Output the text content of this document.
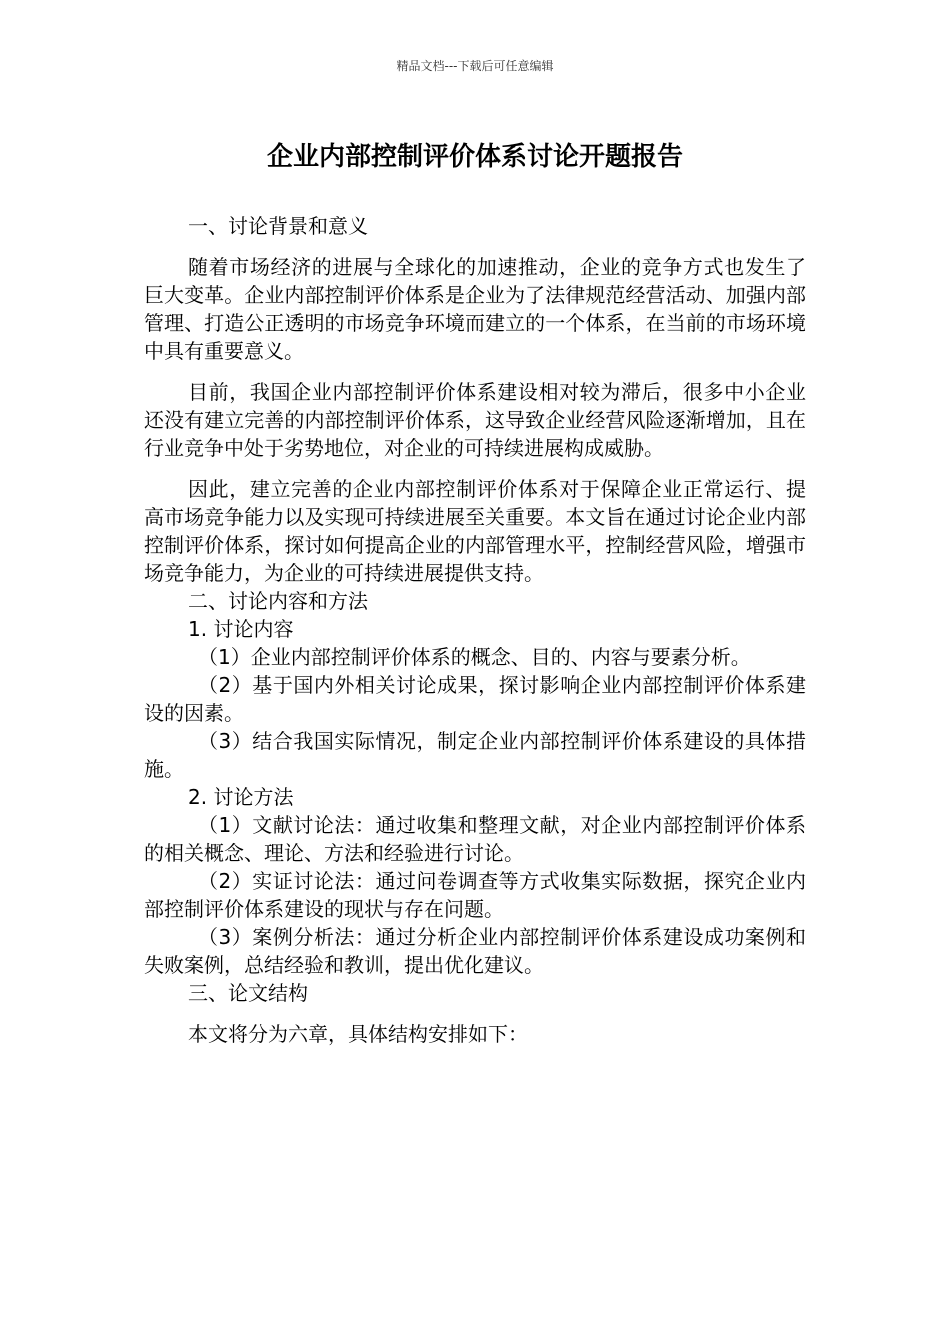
精品文档---下载后可任意编辑
企业内部控制评价体系讨论开题报告

一、讨论背景和意义

随着市场经济的进展与全球化的加速推动，企业的竞争方式也发生了巨大变革。企业内部控制评价体系是企业为了法律规范经营活动、加强内部管理、打造公正透明的市场竞争环境而建立的一个体系，在当前的市场环境中具有重要意义。

目前，我国企业内部控制评价体系建设相对较为滞后，很多中小企业还没有建立完善的内部控制评价体系，这导致企业经营风险逐渐增加，且在行业竞争中处于劣势地位，对企业的可持续进展构成威胁。

因此，建立完善的企业内部控制评价体系对于保障企业正常运行、提高市场竞争能力以及实现可持续进展至关重要。本文旨在通过讨论企业内部控制评价体系，探讨如何提高企业的内部管理水平，控制经营风险，增强市场竞争能力，为企业的可持续进展提供支持。

二、讨论内容和方法

1. 讨论内容

（1）企业内部控制评价体系的概念、目的、内容与要素分析。

（2）基于国内外相关讨论成果，探讨影响企业内部控制评价体系建设的因素。

（3）结合我国实际情况，制定企业内部控制评价体系建设的具体措施。

2. 讨论方法

（1）文献讨论法：通过收集和整理文献，对企业内部控制评价体系的相关概念、理论、方法和经验进行讨论。

（2）实证讨论法：通过问卷调查等方式收集实际数据，探究企业内部控制评价体系建设的现状与存在问题。

（3）案例分析法：通过分析企业内部控制评价体系建设成功案例和失败案例，总结经验和教训，提出优化建议。

三、论文结构

本文将分为六章，具体结构安排如下：
